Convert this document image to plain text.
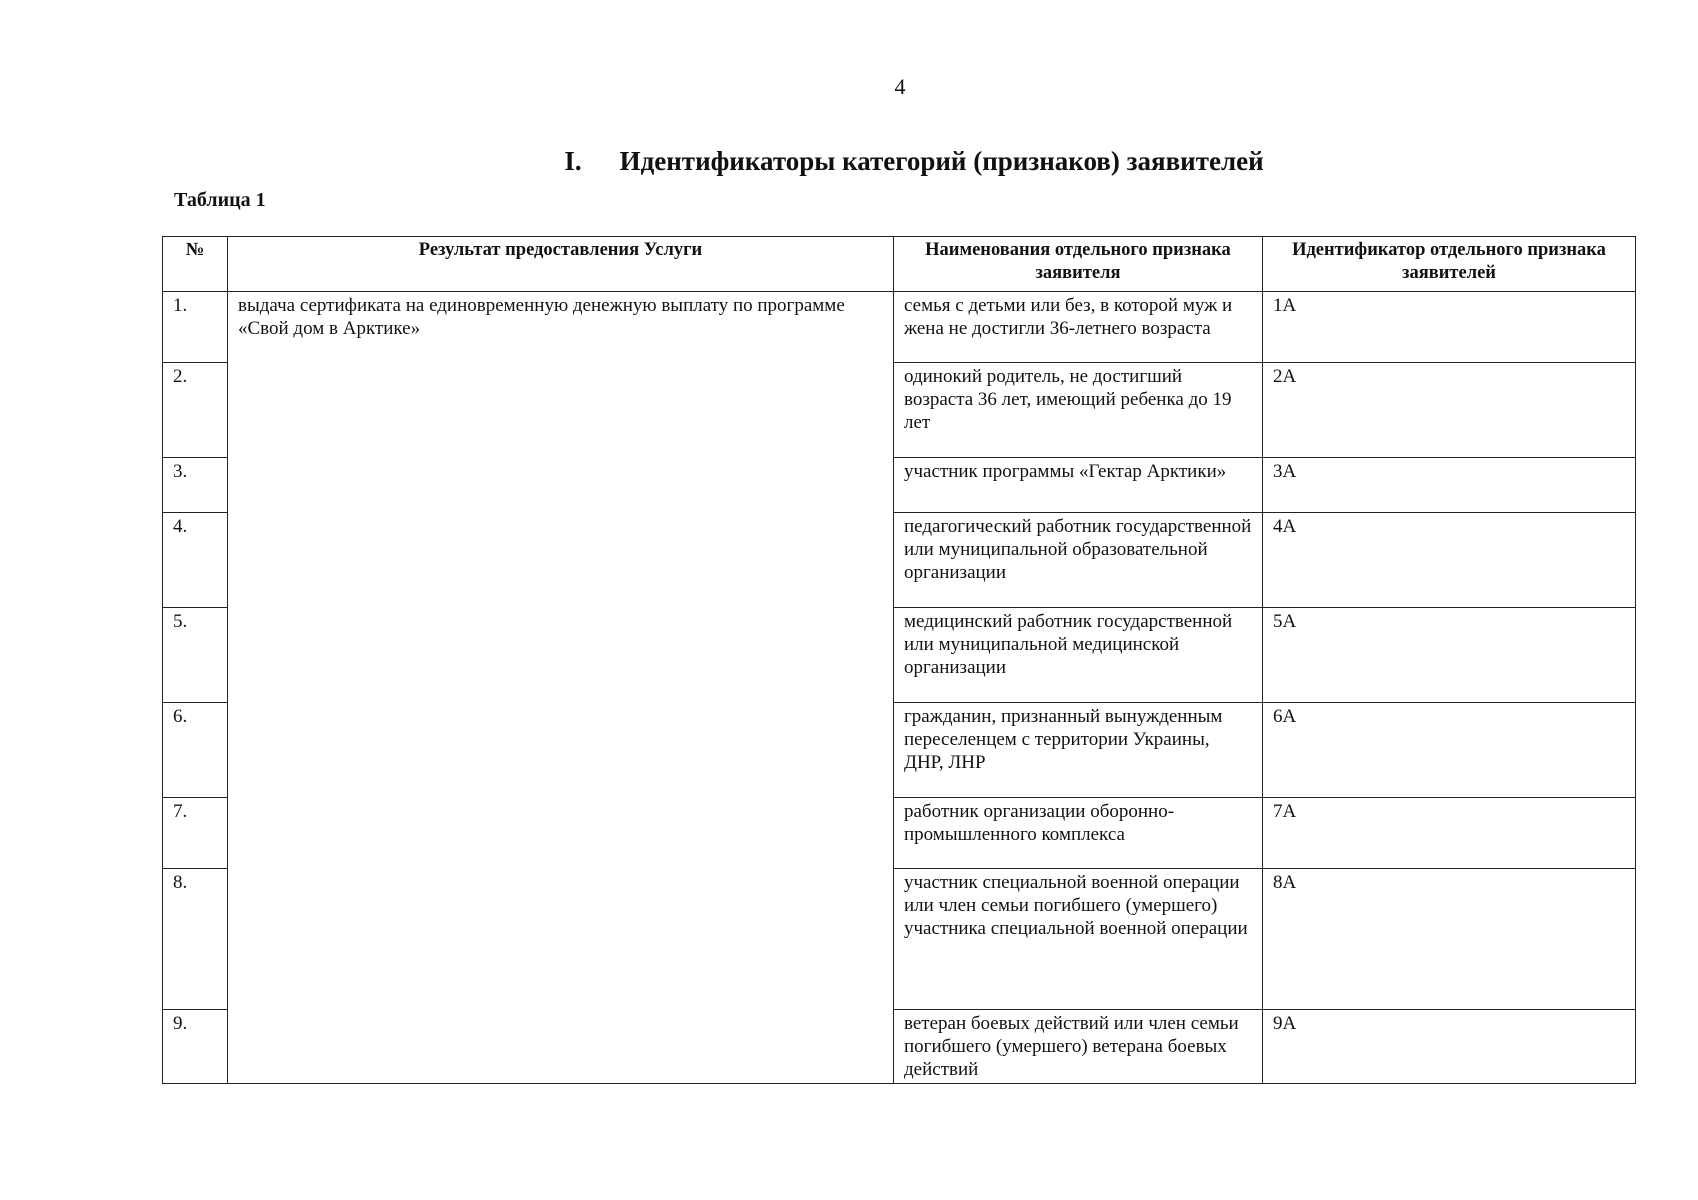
4
I. Идентификаторы категорий (признаков) заявителей
Таблица 1
№	Результат предоставления Услуги	Наименования отдельного признака заявителя	Идентификатор отдельного признака заявителей
1.	выдача сертификата на единовременную денежную выплату по программе «Свой дом в Арктике»	семья с детьми или без, в которой муж и жена не достигли 36-летнего возраста	1А
2.		одинокий родитель, не достигший возраста 36 лет, имеющий ребенка до 19 лет	2А
3.		участник программы «Гектар Арктики»	3А
4.		педагогический работник государственной или муниципальной образовательной организации	4А
5.		медицинский работник государственной или муниципальной медицинской организации	5А
6.		гражданин, признанный вынужденным переселенцем с территории Украины, ДНР, ЛНР	6А
7.		работник организации оборонно-промышленного комплекса	7А
8.		участник специальной военной операции или член семьи погибшего (умершего) участника специальной военной операции	8А
9.		ветеран боевых действий или член семьи погибшего (умершего) ветерана боевых действий	9А
